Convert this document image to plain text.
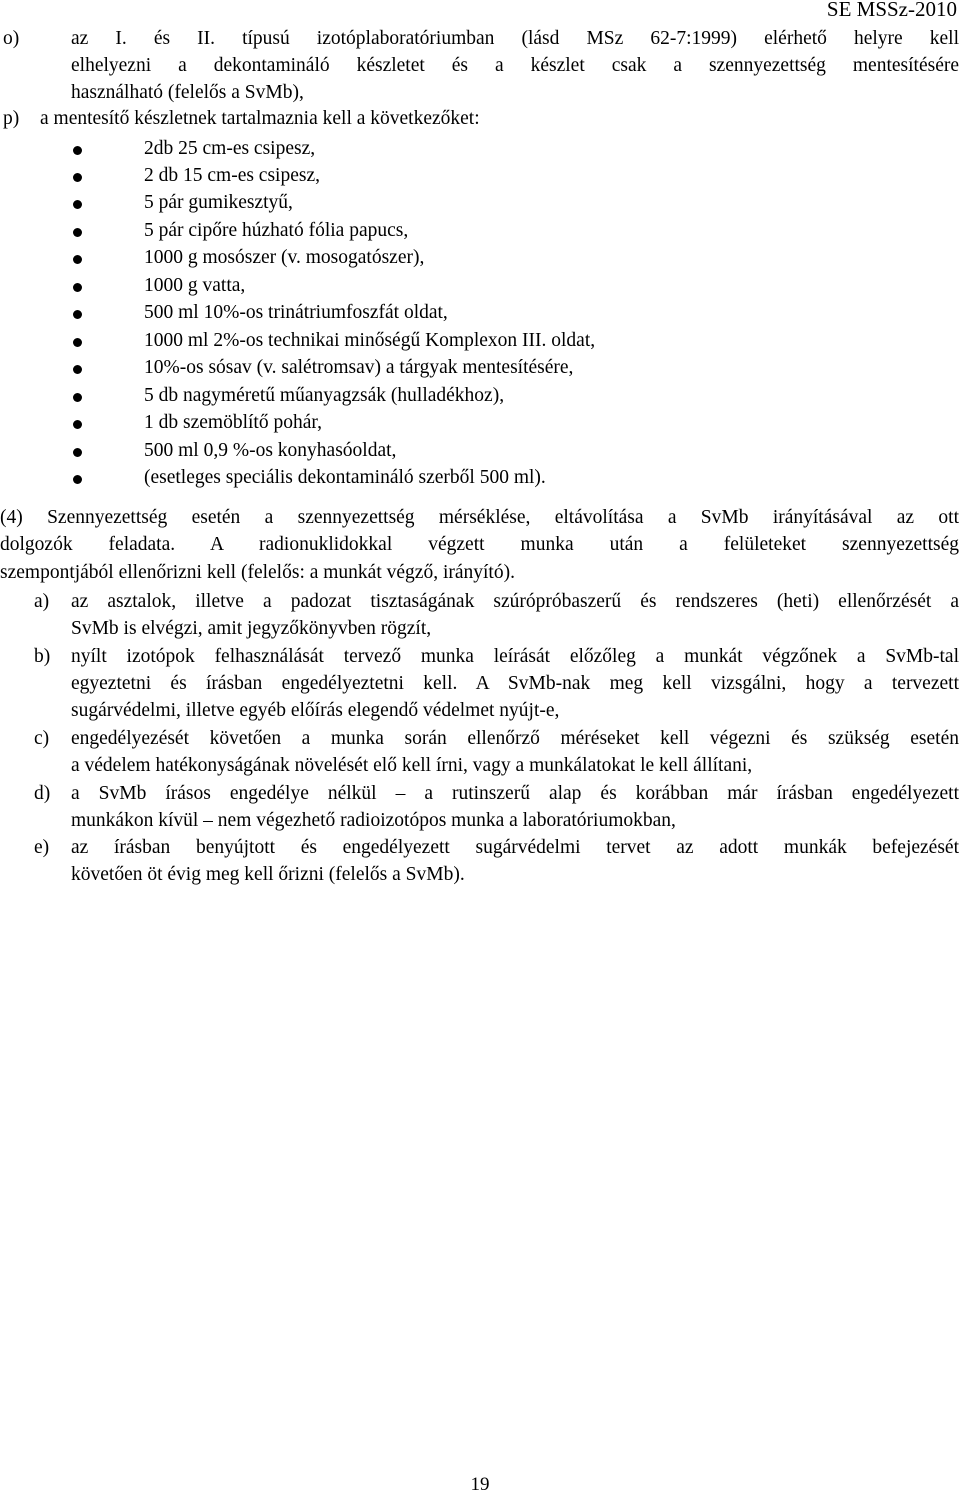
SE MSSz-2010
o)	az I. és II. típusú izotóplaboratóriumban (lásd MSz 62-7:1999) elérhető helyre kell
elhelyezni a dekontamináló készletet és a készlet csak a szennyezettség mentesítésére
használható (felelős a SvMb),
p) a mentesítő készletnek tartalmaznia kell a következőket:
2db 25 cm-es csipesz,
2 db 15 cm-es csipesz,
5 pár gumikesztyű,
5 pár cipőre húzható fólia papucs,
1000 g mosószer (v. mosogatószer),
1000 g vatta,
500 ml 10%-os trinátriumfoszfát oldat,
1000 ml 2%-os technikai minőségű Komplexon III. oldat,
10%-os sósav (v. salétromsav) a tárgyak mentesítésére,
5 db nagyméretű műanyagzsák (hulladékhoz),
1 db szemöblítő pohár,
500 ml 0,9 %-os konyhasóoldat,
(esetleges speciális dekontamináló szerből 500 ml).
(4) Szennyezettség esetén a szennyezettség mérséklése, eltávolítása a SvMb irányításával az ott
dolgozók feladata. A radionuklidokkal végzett munka után a felületeket szennyezettség
szempontjából ellenőrizni kell (felelős: a munkát végző, irányító).
a) az asztalok, illetve a padozat tisztaságának szúrópróbaszerű és rendszeres (heti) ellenőrzését a
SvMb is elvégzi, amit jegyzőkönyvben rögzít,
b) nyílt izotópok felhasználását tervező munka leírását előzőleg a munkát végzőnek a SvMb-tal
egyeztetni és írásban engedélyeztetni kell. A SvMb-nak meg kell vizsgálni, hogy a tervezett
sugárvédelmi, illetve egyéb előírás elegendő védelmet nyújt-e,
c) engedélyezését követően a munka során ellenőrző méréseket kell végezni és szükség esetén
a védelem hatékonyságának növelését elő kell írni, vagy a munkálatokat le kell állítani,
d) a SvMb írásos engedélye nélkül – a rutinszerű alap és korábban már írásban engedélyezett
munkákon kívül – nem végezhető radioizotópos munka a laboratóriumokban,
e) az írásban benyújtott és engedélyezett sugárvédelmi tervet az adott munkák befejezését
követően öt évig meg kell őrizni (felelős a SvMb).
19
